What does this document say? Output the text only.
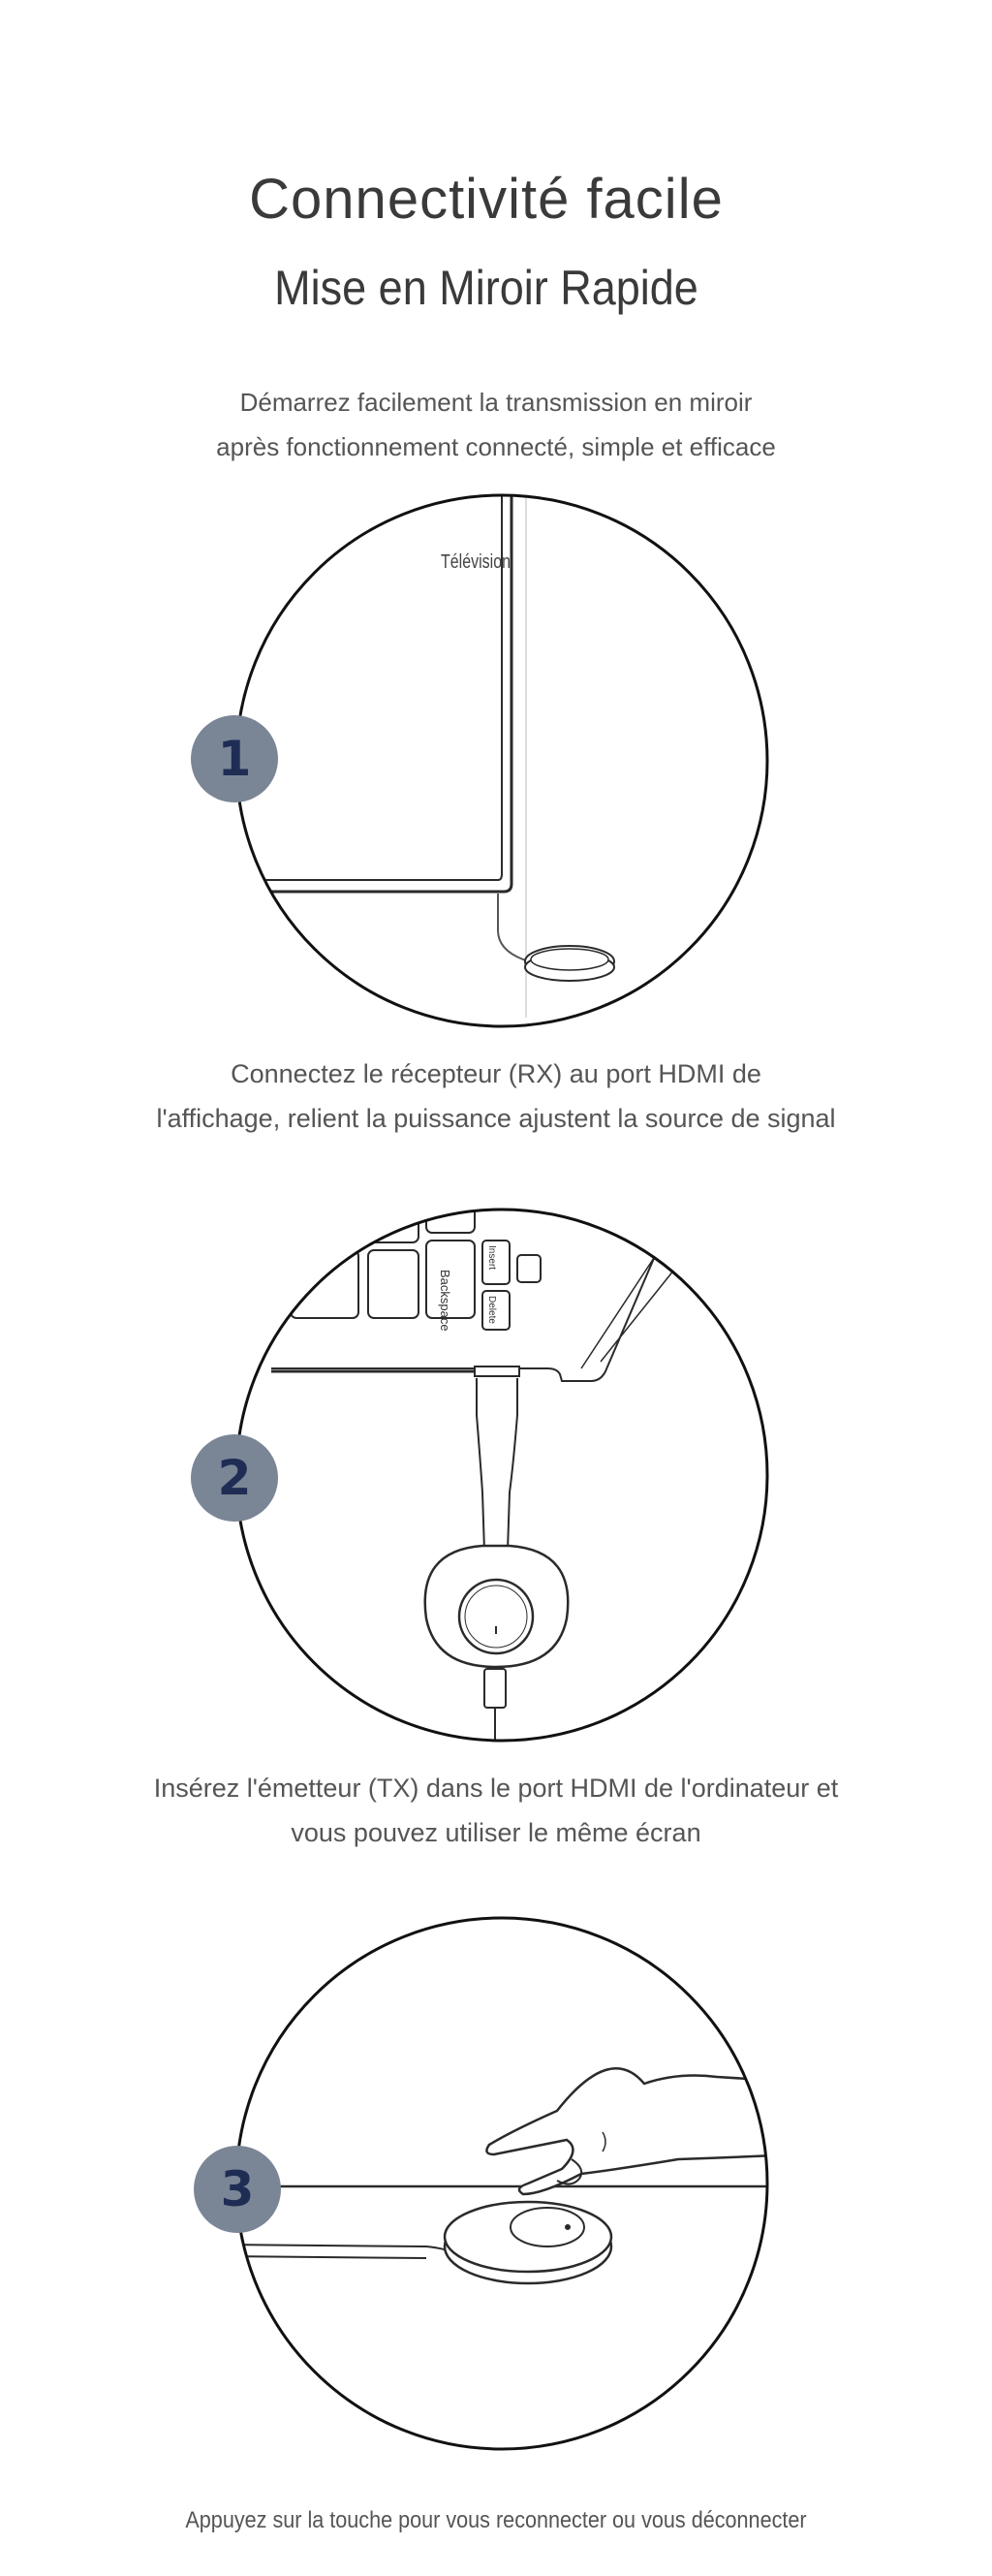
Connectivité facile
Mise en Miroir Rapide
Démarrez facilement la transmission en miroir
après fonctionnement connecté, simple et efficace
Télévision
1
Connectez le récepteur (RX) au port HDMI de
l'affichage, relient la puissance ajustent la source de signal
Backspace
Insert
Delete
2
Insérez l'émetteur (TX) dans le port HDMI de l'ordinateur et
vous pouvez utiliser le même écran
3
Appuyez sur la touche pour vous reconnecter ou vous déconnecter
